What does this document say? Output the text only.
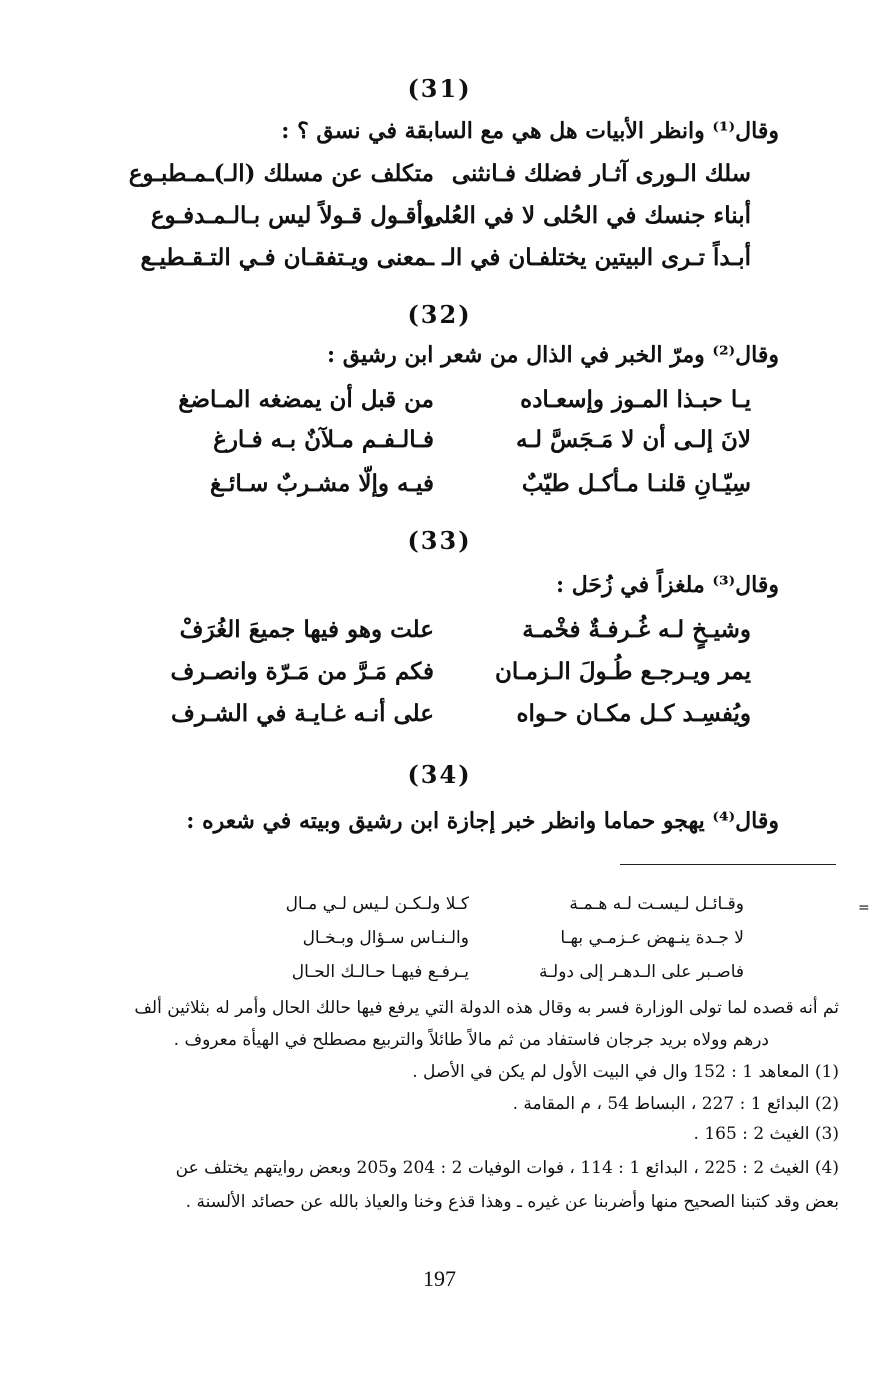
(31)
وقال⁽¹⁾ وانظر الأبيات هل هي مع السابقة في نسق ؟ :
سلك الـورى آثـار فضلك فـانثنى
متكلف عن مسلك (الـ)ـمـطبـوع
أبناء جنسك في الحُلى لا في العُلى
وأقـول قـولاً ليس بـالـمـدفـوع
أبـداً تـرى البيتين يختلفـان في الـ
ـمعنى ويـتفقـان فـي التـقـطيـع
(32)
وقال⁽²⁾ ومرّ الخبر في الذال من شعر ابن رشيق :
يـا حبـذا المـوز وإسعـاده
من قبل أن يمضغه المـاضغ
لانَ إلـى أن لا مَـجَسَّ لـه
فـالـفـم مـلآنٌ بـه فـارغ
سِيّـانِ قلنـا مـأكـل طيّبٌ
فيـه وإلّا مشـربٌ سـائـغ
(33)
وقال⁽³⁾ ملغزاً في زُحَل :
وشيـخٍ لـه غُـرفـةٌ فخْمـة
علت وهو فيها جميعَ الغُرَفْ
يمر ويـرجـع طُـولَ الـزمـان
فكم مَـرَّ من مَـرّة وانصـرف
ويُفسِـد كـل مكـان حـواه
على أنـه غـايـة في الشـرف
(34)
وقال⁽⁴⁾ يهجو حماما وانظر خبر إجازة ابن رشيق وبيته في شعره :
=
وقـائـل لـيسـت لـه هـمـة
كـلا ولـكـن لـيس لـي مـال
لا جـدة ينـهض عـزمـي بهـا
والـنـاس سـؤال وبـخـال
فاصـبر على الـدهـر إلى دولـة
يـرفـع فيهـا حـالـك الحـال
ثم أنه قصده لما تولى الوزارة فسر به وقال هذه الدولة التي يرفع فيها حالك الحال وأمر له بثلاثين ألف
درهم وولاه بريد جرجان فاستفاد من ثم مالاً طائلاً والتربيع مصطلح في الهيأة معروف .
(1) المعاهد 1 : 152 وال في البيت الأول لم يكن في الأصل .
(2) البدائع 1 : 227 ، البساط 54 ، م المقامة .
(3) الغيث 2 : 165 .
(4) الغيث 2 : 225 ، البدائع 1 : 114 ، فوات الوفيات 2 : 204 و205 وبعض روايتهم يختلف عن
بعض وقد كتبنا الصحيح منها وأضربنا عن غيره ـ وهذا قذع وخنا والعياذ بالله عن حصائد الألسنة .
197
